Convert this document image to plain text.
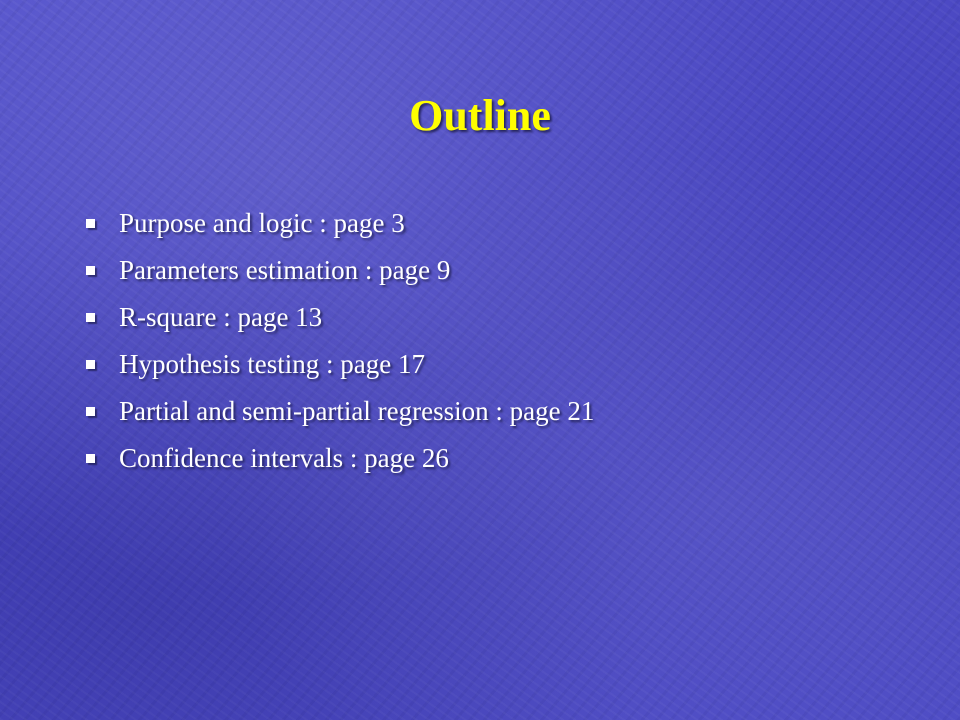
Outline
Purpose and logic : page 3
Parameters estimation : page 9
R-square : page 13
Hypothesis testing : page 17
Partial and semi-partial regression : page 21
Confidence intervals : page 26
